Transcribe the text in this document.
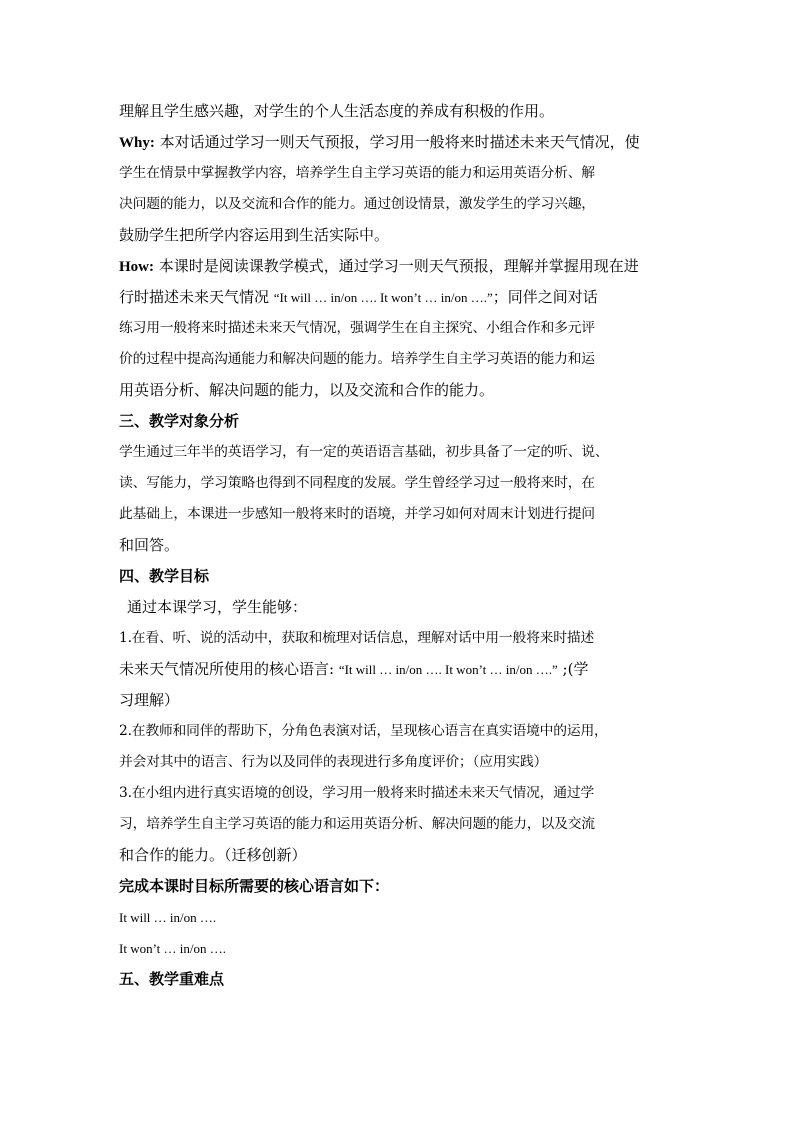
理解且学生感兴趣，对学生的个人生活态度的养成有积极的作用。
Why: 本对话通过学习一则天气预报，学习用一般将来时描述未来天气情况，使
学生在情景中掌握教学内容，培养学生自主学习英语的能力和运用英语分析、解
决问题的能力，以及交流和合作的能力。通过创设情景，激发学生的学习兴趣，
鼓励学生把所学内容运用到生活实际中。
How: 本课时是阅读课教学模式，通过学习一则天气预报，理解并掌握用现在进
行时描述未来天气情况 “It will … in/on …. It won’t … in/on ….”；同伴之间对话
练习用一般将来时描述未来天气情况，强调学生在自主探究、小组合作和多元评
价的过程中提高沟通能力和解决问题的能力。培养学生自主学习英语的能力和运
用英语分析、解决问题的能力，以及交流和合作的能力。
三、教学对象分析
学生通过三年半的英语学习，有一定的英语语言基础，初步具备了一定的听、说、
读、写能力，学习策略也得到不同程度的发展。学生曾经学习过一般将来时，在
此基础上，本课进一步感知一般将来时的语境，并学习如何对周末计划进行提问
和回答。
四、教学目标
通过本课学习，学生能够：
1.在看、听、说的活动中，获取和梳理对话信息，理解对话中用一般将来时描述
未来天气情况所使用的核心语言: “It will … in/on …. It won’t … in/on ….” ;(学
习理解）
2.在教师和同伴的帮助下，分角色表演对话，呈现核心语言在真实语境中的运用，
并会对其中的语言、行为以及同伴的表现进行多角度评价；（应用实践）
3.在小组内进行真实语境的创设，学习用一般将来时描述未来天气情况，通过学
习，培养学生自主学习英语的能力和运用英语分析、解决问题的能力，以及交流
和合作的能力。（迁移创新）
完成本课时目标所需要的核心语言如下：
It will … in/on ….
It won’t … in/on ….
五、教学重难点
